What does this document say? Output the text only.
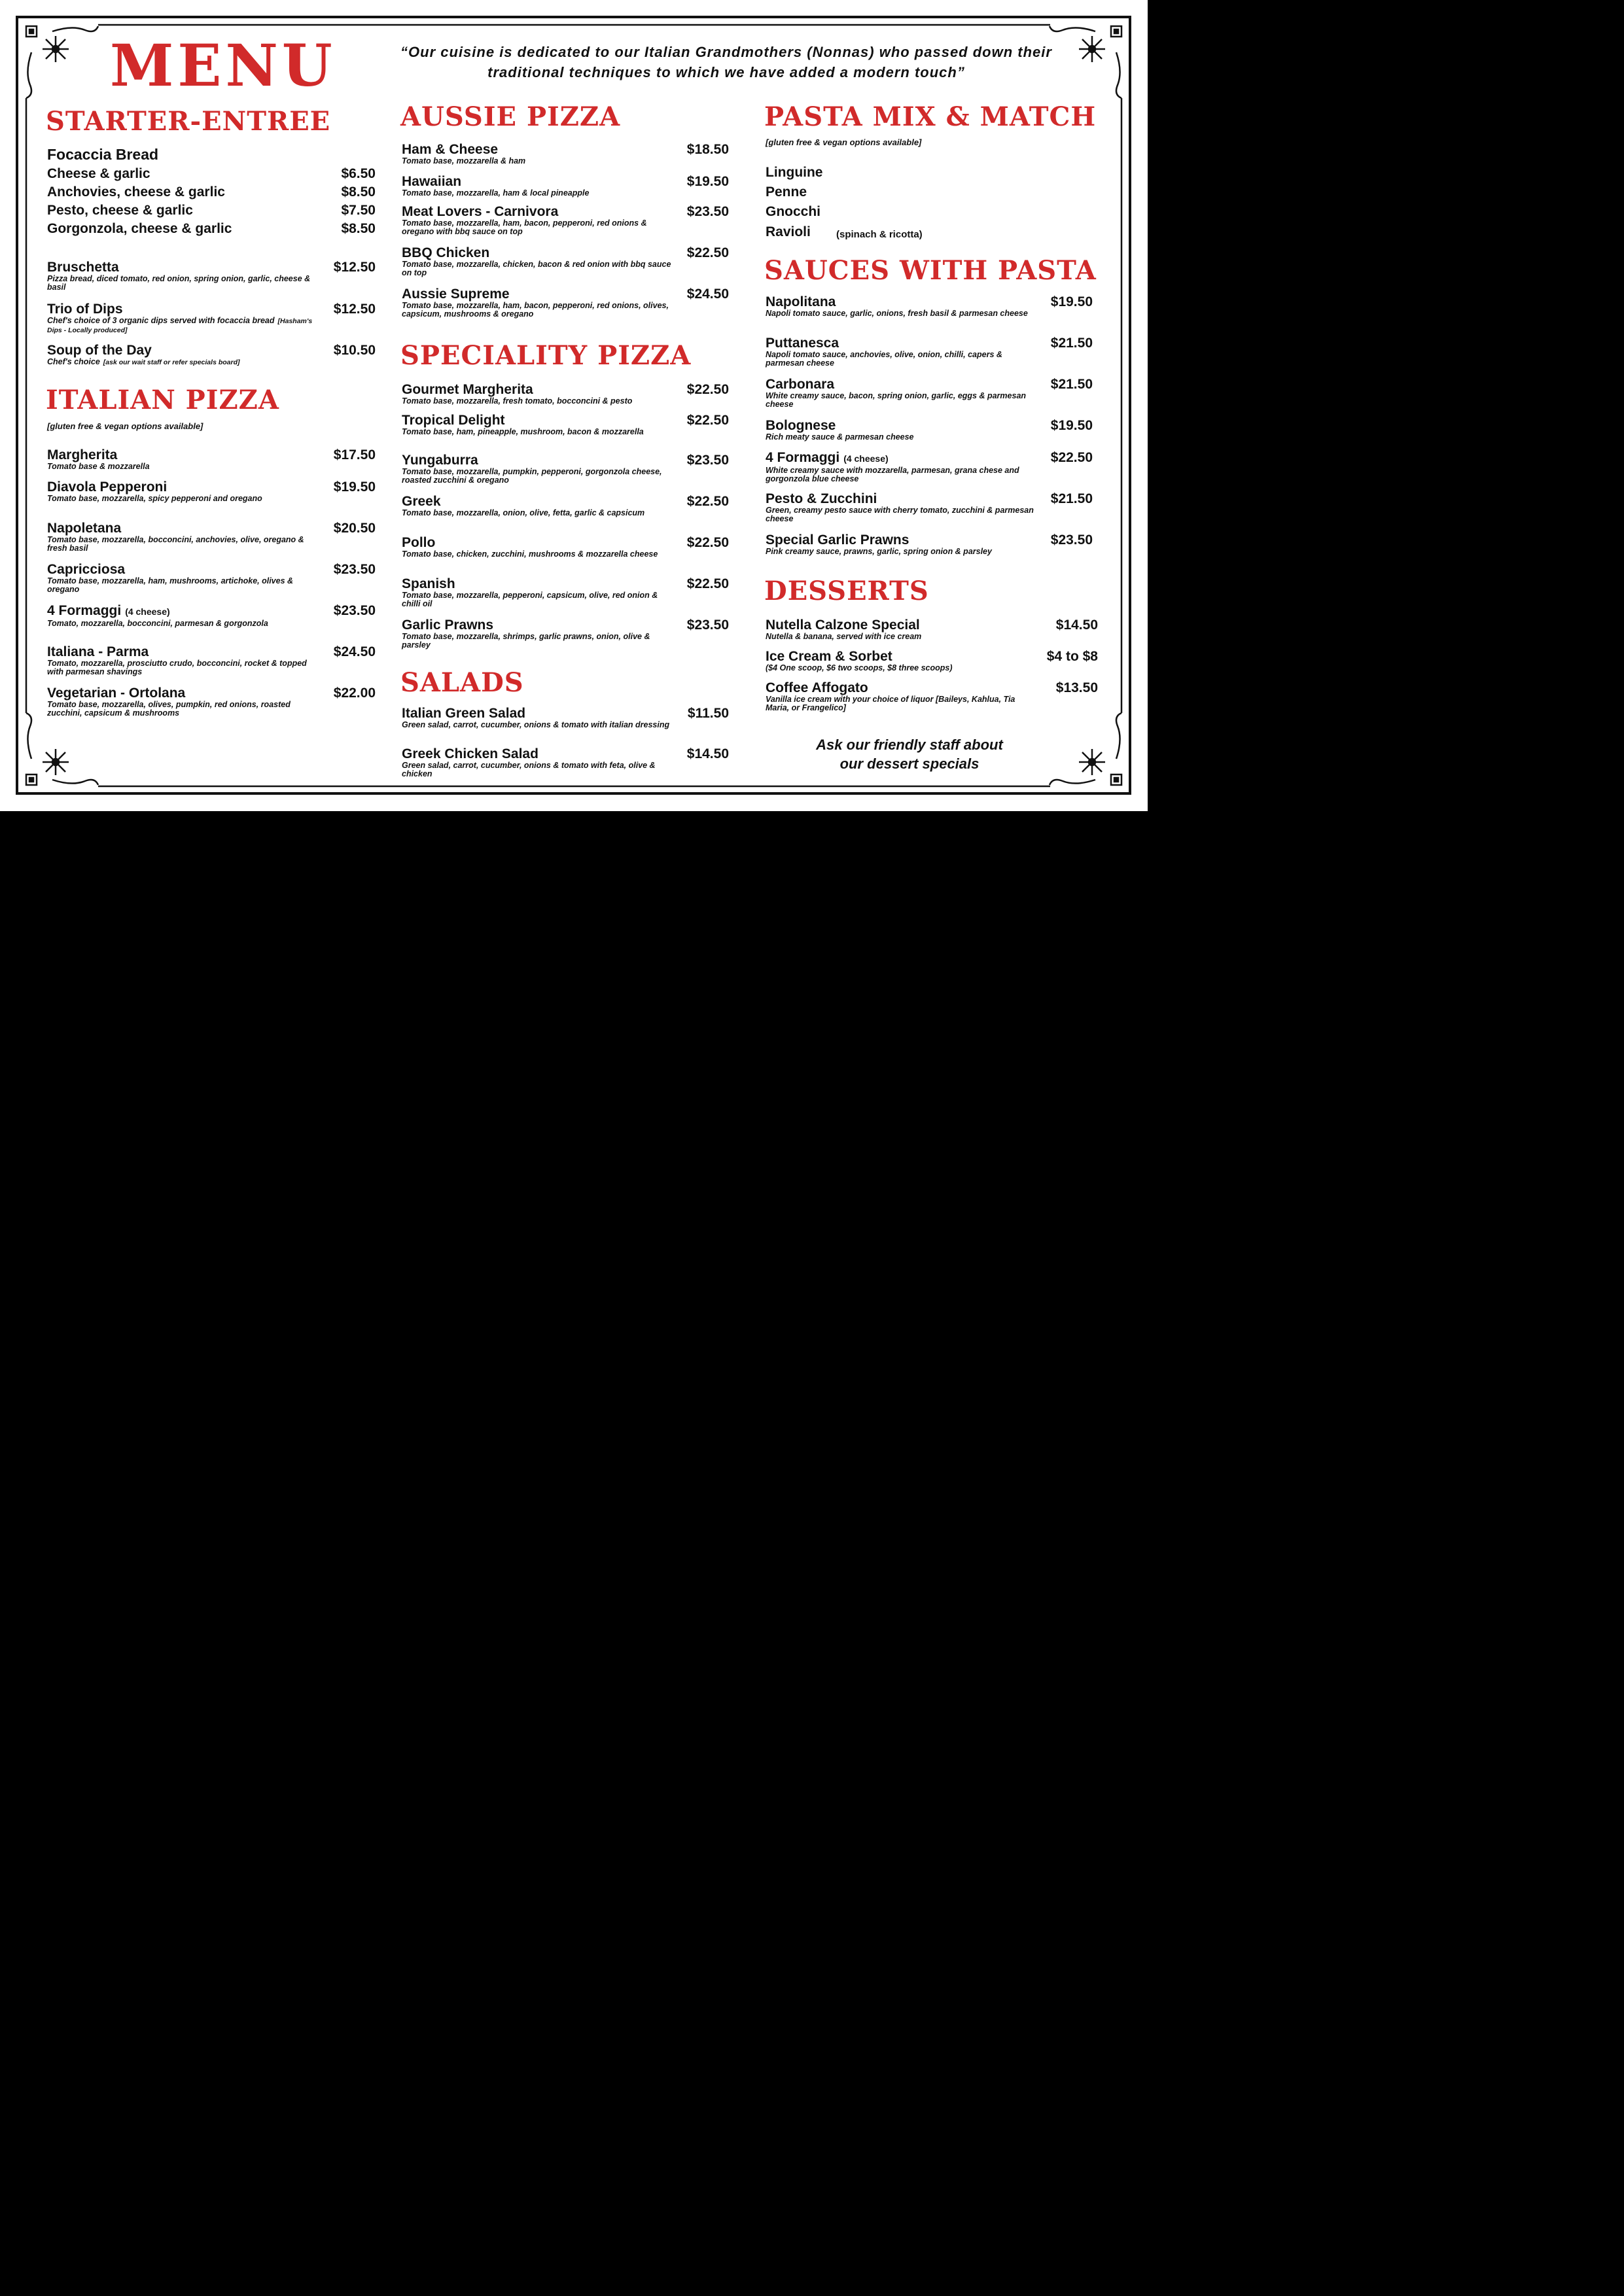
MENU	“Our cuisine is dedicated to our Italian Grandmothers (Nonnas) who passed down their traditional techniques to which we have added a modern touch”
STARTER-ENTREE
Focaccia Bread
Cheese & garlic	$6.50
Anchovies, cheese & garlic	$8.50
Pesto, cheese & garlic	$7.50
Gorgonzola, cheese & garlic	$8.50
Bruschetta	$12.50
Pizza bread, diced tomato, red onion, spring onion, garlic, cheese & basil
Trio of Dips	$12.50
Chef's choice of 3 organic dips served with focaccia bread [Hasham's Dips - Locally produced]
Soup of the Day	$10.50
Chef's choice [ask our wait staff or refer specials board]
ITALIAN PIZZA
[gluten free & vegan options available]
Margherita	$17.50
Tomato base & mozzarella
Diavola Pepperoni	$19.50
Tomato base, mozzarella, spicy pepperoni and oregano
Napoletana	$20.50
Tomato base, mozzarella, bocconcini, anchovies, olive, oregano & fresh basil
Capricciosa	$23.50
Tomato base, mozzarella, ham, mushrooms, artichoke, olives & oregano
4 Formaggi (4 cheese)	$23.50
Tomato, mozzarella, bocconcini, parmesan & gorgonzola
Italiana - Parma	$24.50
Tomato, mozzarella, prosciutto crudo, bocconcini, rocket & topped with parmesan shavings
Vegetarian - Ortolana	$22.00
Tomato base, mozzarella, olives, pumpkin, red onions, roasted zucchini, capsicum & mushrooms
AUSSIE PIZZA
Ham & Cheese	$18.50
Tomato base, mozzarella & ham
Hawaiian	$19.50
Tomato base, mozzarella, ham & local pineapple
Meat Lovers - Carnivora	$23.50
Tomato base, mozzarella, ham, bacon, pepperoni, red onions & oregano with bbq sauce on top
BBQ Chicken	$22.50
Tomato base, mozzarella, chicken, bacon & red onion with bbq sauce on top
Aussie Supreme	$24.50
Tomato base, mozzarella, ham, bacon, pepperoni, red onions, olives, capsicum, mushrooms & oregano
SPECIALITY PIZZA
Gourmet Margherita	$22.50
Tomato base, mozzarella, fresh tomato, bocconcini & pesto
Tropical Delight	$22.50
Tomato base, ham, pineapple, mushroom, bacon & mozzarella
Yungaburra	$23.50
Tomato base, mozzarella, pumpkin, pepperoni, gorgonzola cheese, roasted zucchini & oregano
Greek	$22.50
Tomato base, mozzarella, onion, olive, fetta, garlic & capsicum
Pollo	$22.50
Tomato base, chicken, zucchini, mushrooms & mozzarella cheese
Spanish	$22.50
Tomato base, mozzarella, pepperoni, capsicum, olive, red onion & chilli oil
Garlic Prawns	$23.50
Tomato base, mozzarella, shrimps, garlic prawns, onion, olive & parsley
SALADS
Italian Green Salad	$11.50
Green salad, carrot, cucumber, onions & tomato with italian dressing
Greek Chicken Salad	$14.50
Green salad, carrot, cucumber, onions & tomato with feta, olive & chicken
PASTA MIX & MATCH
[gluten free & vegan options available]
Linguine
Penne
Gnocchi
Ravioli	(spinach & ricotta)
SAUCES WITH PASTA
Napolitana	$19.50
Napoli tomato sauce, garlic, onions, fresh basil & parmesan cheese
Puttanesca	$21.50
Napoli tomato sauce, anchovies, olive, onion, chilli, capers & parmesan cheese
Carbonara	$21.50
White creamy sauce, bacon, spring onion, garlic, eggs & parmesan cheese
Bolognese	$19.50
Rich meaty sauce & parmesan cheese
4 Formaggi (4 cheese)	$22.50
White creamy sauce with mozzarella, parmesan, grana chese and gorgonzola blue cheese
Pesto & Zucchini	$21.50
Green, creamy pesto sauce with cherry tomato, zucchini & parmesan cheese
Special Garlic Prawns	$23.50
Pink creamy sauce, prawns, garlic, spring onion & parsley
DESSERTS
Nutella Calzone Special	$14.50
Nutella & banana, served with ice cream
Ice Cream & Sorbet	$4 to $8
($4 One scoop, $6 two scoops, $8 three scoops)
Coffee Affogato	$13.50
Vanilla ice cream with your choice of liquor [Baileys, Kahlua, Tia Maria, or Frangelico]
Ask our friendly staff about
our dessert specials
